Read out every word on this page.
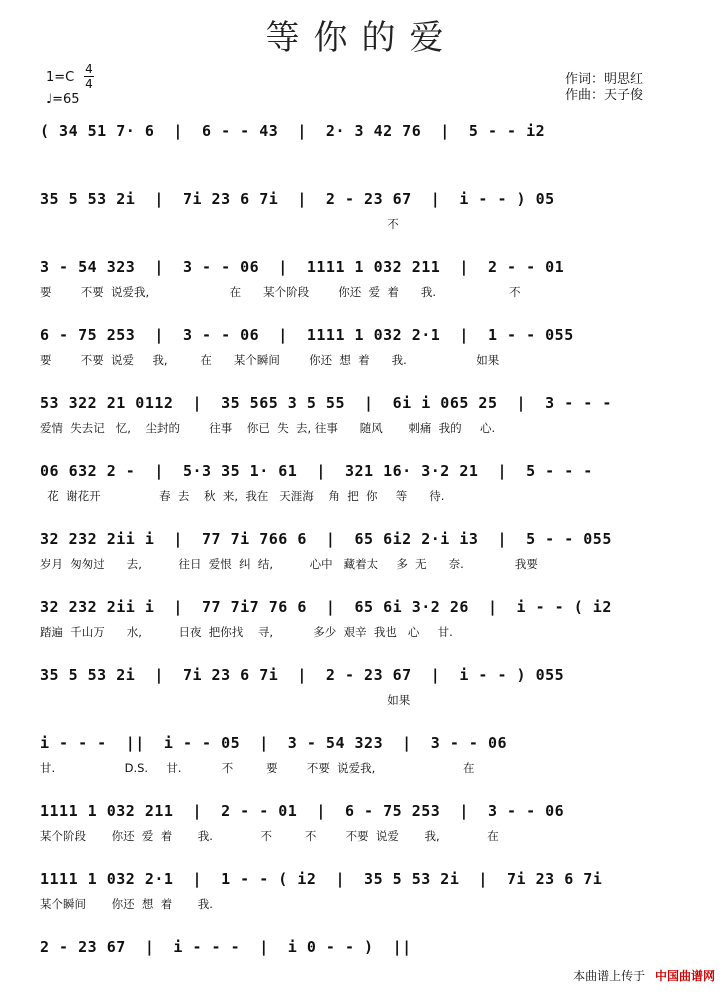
等你的爱
1=C
4
4
♩=65
作词：明思红
作曲：天子俊
( 34 51 7· 6  |  6 - - 43  |  2· 3 42 76  |  5 - - i2
35 5 53 2i  |  7i 23 6 7i  |  2 - 23 67  |  i - - ) 05
不
3 - 54 323  |  3 - - 06  |  1111 1 032 211  |  2 - - 01
要        不要  说爱我,                      在      某个阶段        你还  爱  着      我.                    不
6 - 75 253  |  3 - - 06  |  1111 1 032 2·1  |  1 - - 055
要        不要  说爱     我,         在      某个瞬间        你还  想  着      我.                   如果
53 322 21 0112  |  35 565 3 5 55  |  6i i 065 25  |  3 - - -
爱情  失去记   忆,    尘封的        往事    你已  失  去, 往事      随风       刺痛  我的     心.
06 632 2 -  |  5·3 35 1· 61  |  321 16· 3·2 21  |  5 - - -
花  谢花开                春  去    秋  来,  我在   天涯海    角  把  你     等      待.
32 232 2ii i  |  77 7i 766 6  |  65 6i2 2·i i3  |  5 - - 055
岁月  匆匆过      去,          往日  爱恨  纠  结,          心中   藏着太     多  无      奈.              我要
32 232 2ii i  |  77 7i7 76 6  |  65 6i 3·2 26  |  i - - ( i2
踏遍  千山万      水,          日夜  把你找    寻,           多少  艰辛  我也   心     甘.
35 5 53 2i  |  7i 23 6 7i  |  2 - 23 67  |  i - - ) 055
如果
i - - -  ||  i - - 05  |  3 - 54 323  |  3 - - 06
甘.                   D.S.     甘.           不         要        不要  说爱我,                        在
1111 1 032 211  |  2 - - 01  |  6 - 75 253  |  3 - - 06
某个阶段       你还  爱  着       我.             不         不        不要  说爱       我,             在
1111 1 032 2·1  |  1 - - ( i2  |  35 5 53 2i  |  7i 23 6 7i
某个瞬间       你还  想  着       我.
2 - 23 67  |  i - - -  |  i 0 - - )  ||
本曲谱上传于 中国曲谱网
